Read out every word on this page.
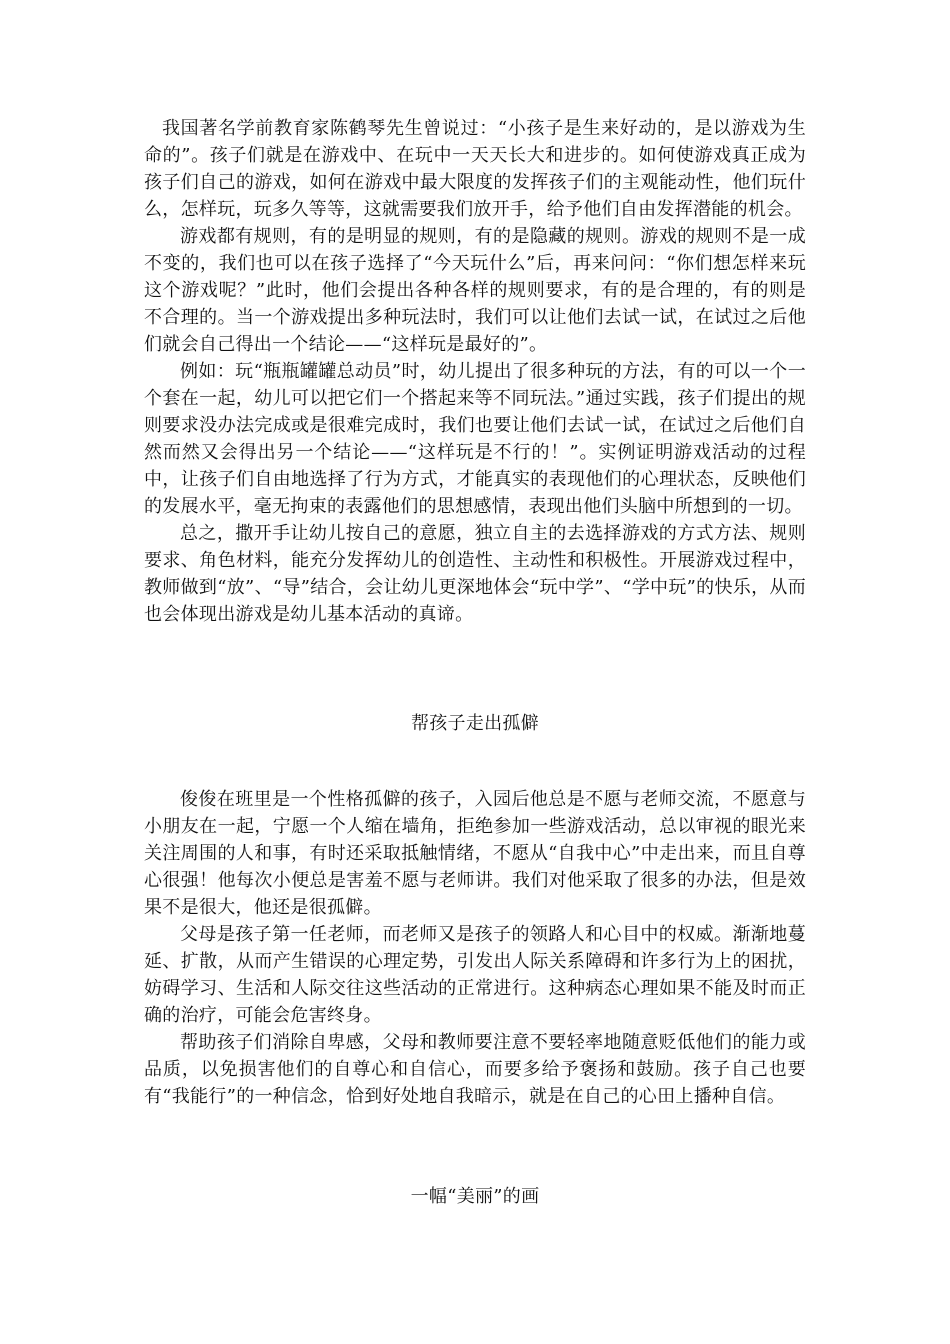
我国著名学前教育家陈鹤琴先生曾说过：“小孩子是生来好动的，是以游戏为生命的”。孩子们就是在游戏中、在玩中一天天长大和进步的。如何使游戏真正成为孩子们自己的游戏，如何在游戏中最大限度的发挥孩子们的主观能动性，他们玩什么，怎样玩，玩多久等等，这就需要我们放开手，给予他们自由发挥潜能的机会。

游戏都有规则，有的是明显的规则，有的是隐藏的规则。游戏的规则不是一成不变的，我们也可以在孩子选择了“今天玩什么”后，再来问问：“你们想怎样来玩这个游戏呢？”此时，他们会提出各种各样的规则要求，有的是合理的，有的则是不合理的。当一个游戏提出多种玩法时，我们可以让他们去试一试，在试过之后他们就会自己得出一个结论——“这样玩是最好的”。

例如：玩“瓶瓶罐罐总动员”时，幼儿提出了很多种玩的方法，有的可以一个一个套在一起，幼儿可以把它们一个搭起来等不同玩法。”通过实践，孩子们提出的规则要求没办法完成或是很难完成时，我们也要让他们去试一试，在试过之后他们自然而然又会得出另一个结论——“这样玩是不行的！”。实例证明游戏活动的过程中，让孩子们自由地选择了行为方式，才能真实的表现他们的心理状态，反映他们的发展水平，毫无拘束的表露他们的思想感情，表现出他们头脑中所想到的一切。

总之，撒开手让幼儿按自己的意愿，独立自主的去选择游戏的方式方法、规则要求、角色材料，能充分发挥幼儿的创造性、主动性和积极性。开展游戏过程中，教师做到“放”、“导”结合，会让幼儿更深地体会“玩中学”、“学中玩”的快乐，从而也会体现出游戏是幼儿基本活动的真谛。

帮孩子走出孤僻

俊俊在班里是一个性格孤僻的孩子，入园后他总是不愿与老师交流，不愿意与小朋友在一起，宁愿一个人缩在墙角，拒绝参加一些游戏活动，总以审视的眼光来关注周围的人和事，有时还采取抵触情绪，不愿从“自我中心”中走出来，而且自尊心很强！他每次小便总是害羞不愿与老师讲。我们对他采取了很多的办法，但是效果不是很大，他还是很孤僻。

父母是孩子第一任老师，而老师又是孩子的领路人和心目中的权威。渐渐地蔓延、扩散，从而产生错误的心理定势，引发出人际关系障碍和许多行为上的困扰，妨碍学习、生活和人际交往这些活动的正常进行。这种病态心理如果不能及时而正确的治疗，可能会危害终身。

帮助孩子们消除自卑感，父母和教师要注意不要轻率地随意贬低他们的能力或品质，以免损害他们的自尊心和自信心，而要多给予褒扬和鼓励。孩子自己也要有“我能行”的一种信念，恰到好处地自我暗示，就是在自己的心田上播种自信。

一幅“美丽”的画
